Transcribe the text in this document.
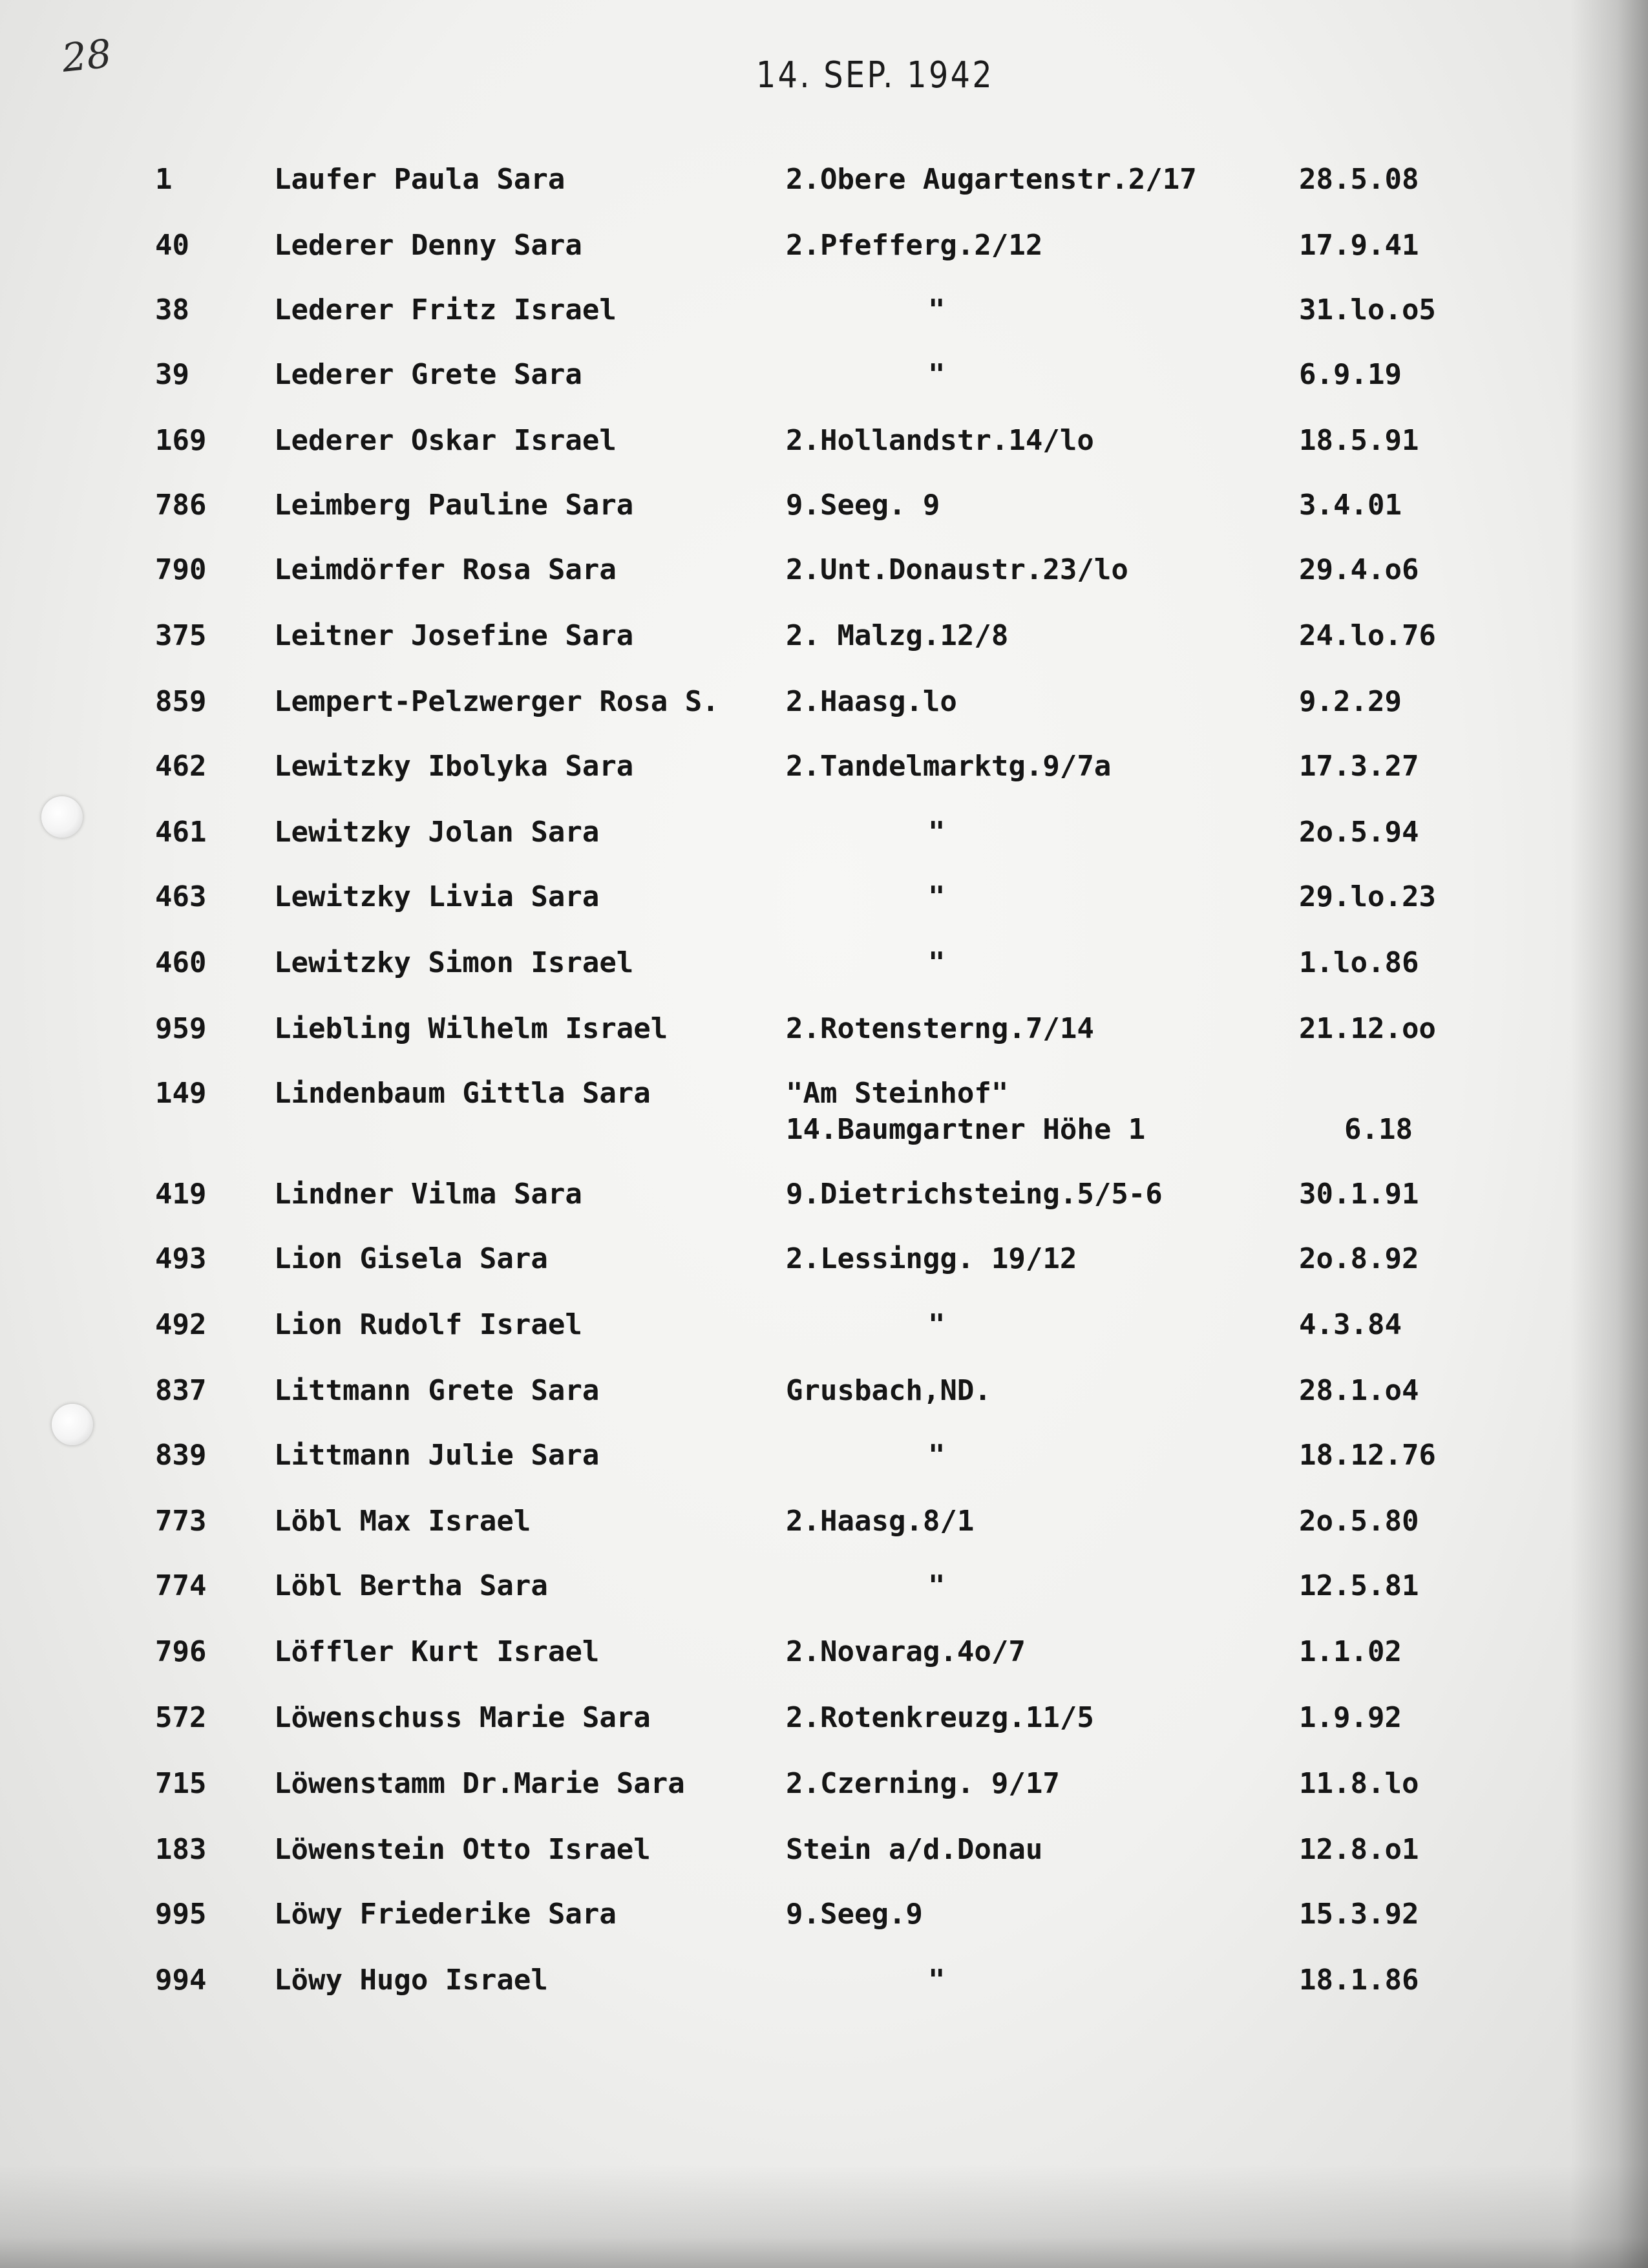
28	14. SEP. 1942
1	Laufer Paula Sara	2.Obere Augartenstr.2/17	28.5.08
40	Lederer Denny Sara	2.Pfefferg.2/12	17.9.41
38	Lederer Fritz Israel	"	31.lo.o5
39	Lederer Grete Sara	"	6.9.19
169	Lederer Oskar Israel	2.Hollandstr.14/lo	18.5.91
786	Leimberg Pauline Sara	9.Seeg. 9	3.4.01
790	Leimdörfer Rosa Sara	2.Unt.Donaustr.23/lo	29.4.o6
375	Leitner Josefine Sara	2. Malzg.12/8	24.lo.76
859	Lempert-Pelzwerger Rosa S.	2.Haasg.lo	9.2.29
462	Lewitzky Ibolyka Sara	2.Tandelmarktg.9/7a	17.3.27
461	Lewitzky Jolan Sara	"	2o.5.94
463	Lewitzky Livia Sara	"	29.lo.23
460	Lewitzky Simon Israel	"	1.lo.86
959	Liebling Wilhelm Israel	2.Rotensterng.7/14	21.12.oo
149	Lindenbaum Gittla Sara	"Am Steinhof"
14.Baumgartner Höhe 1	6.18
419	Lindner Vilma Sara	9.Dietrichsteing.5/5-6	30.1.91
493	Lion Gisela Sara	2.Lessingg. 19/12	2o.8.92
492	Lion Rudolf Israel	"	4.3.84
837	Littmann Grete Sara	Grusbach,ND.	28.1.o4
839	Littmann Julie Sara	"	18.12.76
773	Löbl Max Israel	2.Haasg.8/1	2o.5.80
774	Löbl Bertha Sara	"	12.5.81
796	Löffler Kurt Israel	2.Novarag.4o/7	1.1.02
572	Löwenschuss Marie Sara	2.Rotenkreuzg.11/5	1.9.92
715	Löwenstamm Dr.Marie Sara	2.Czerning. 9/17	11.8.lo
183	Löwenstein Otto Israel	Stein a/d.Donau	12.8.o1
995	Löwy Friederike Sara	9.Seeg.9	15.3.92
994	Löwy Hugo Israel	"	18.1.86
